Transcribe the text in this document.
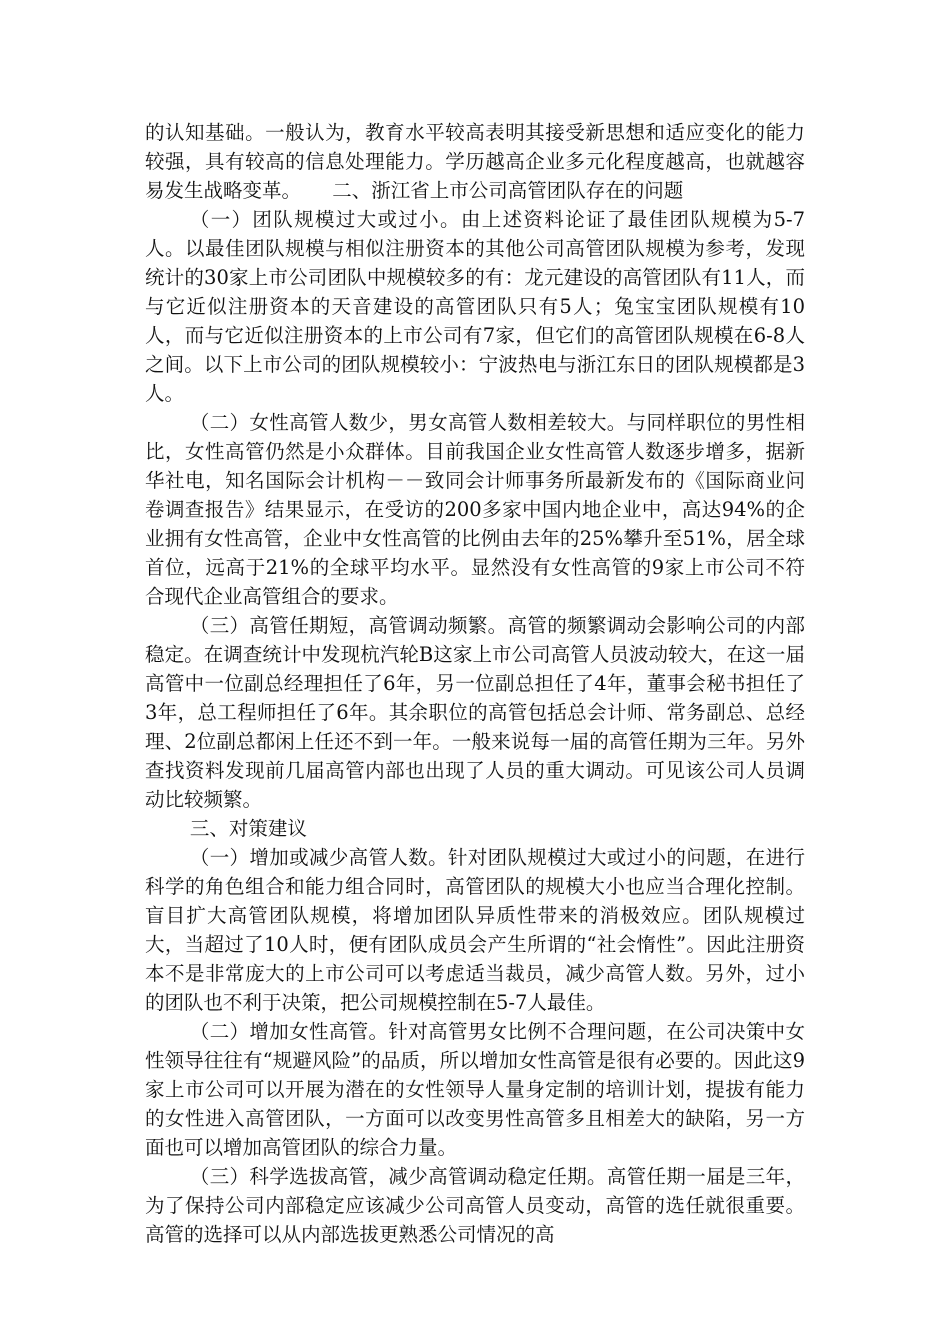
的认知基础。一般认为，教育水平较高表明其接受新思想和适应变化的能力较强，具有较高的信息处理能力。学历越高企业多元化程度越高，也就越容易发生战略变革。 二、浙江省上市公司高管团队存在的问题

（一）团队规模过大或过小。由上述资料论证了最佳团队规模为5-7人。以最佳团队规模与相似注册资本的其他公司高管团队规模为参考，发现统计的30家上市公司团队中规模较多的有：龙元建设的高管团队有11人，而与它近似注册资本的天音建设的高管团队只有5人；兔宝宝团队规模有10人，而与它近似注册资本的上市公司有7家，但它们的高管团队规模在6-8人之间。以下上市公司的团队规模较小：宁波热电与浙江东日的团队规模都是3人。

（二）女性高管人数少，男女高管人数相差较大。与同样职位的男性相比，女性高管仍然是小众群体。目前我国企业女性高管人数逐步增多，据新华社电，知名国际会计机构－－致同会计师事务所最新发布的《国际商业问卷调查报告》结果显示，在受访的200多家中国内地企业中，高达94%的企业拥有女性高管，企业中女性高管的比例由去年的25%攀升至51%，居全球首位，远高于21%的全球平均水平。显然没有女性高管的9家上市公司不符合现代企业高管组合的要求。

（三）高管任期短，高管调动频繁。高管的频繁调动会影响公司的内部稳定。在调查统计中发现杭汽轮B这家上市公司高管人员波动较大，在这一届高管中一位副总经理担任了6年，另一位副总担任了4年，董事会秘书担任了3年，总工程师担任了6年。其余职位的高管包括总会计师、常务副总、总经理、2位副总都闲上任还不到一年。一般来说每一届的高管任期为三年。另外查找资料发现前几届高管内部也出现了人员的重大调动。可见该公司人员调动比较频繁。

三、对策建议

（一）增加或减少高管人数。针对团队规模过大或过小的问题，在进行科学的角色组合和能力组合同时，高管团队的规模大小也应当合理化控制。盲目扩大高管团队规模，将增加团队异质性带来的消极效应。团队规模过大，当超过了10人时，便有团队成员会产生所谓的“社会惰性”。因此注册资本不是非常庞大的上市公司可以考虑适当裁员，减少高管人数。另外，过小的团队也不利于决策，把公司规模控制在5-7人最佳。

（二）增加女性高管。针对高管男女比例不合理问题，在公司决策中女性领导往往有“规避风险”的品质，所以增加女性高管是很有必要的。因此这9家上市公司可以开展为潜在的女性领导人量身定制的培训计划，提拔有能力的女性进入高管团队，一方面可以改变男性高管多且相差大的缺陷，另一方面也可以增加高管团队的综合力量。

（三）科学选拔高管，减少高管调动稳定任期。高管任期一届是三年，为了保持公司内部稳定应该减少公司高管人员变动，高管的选任就很重要。高管的选择可以从内部选拔更熟悉公司情况的高
